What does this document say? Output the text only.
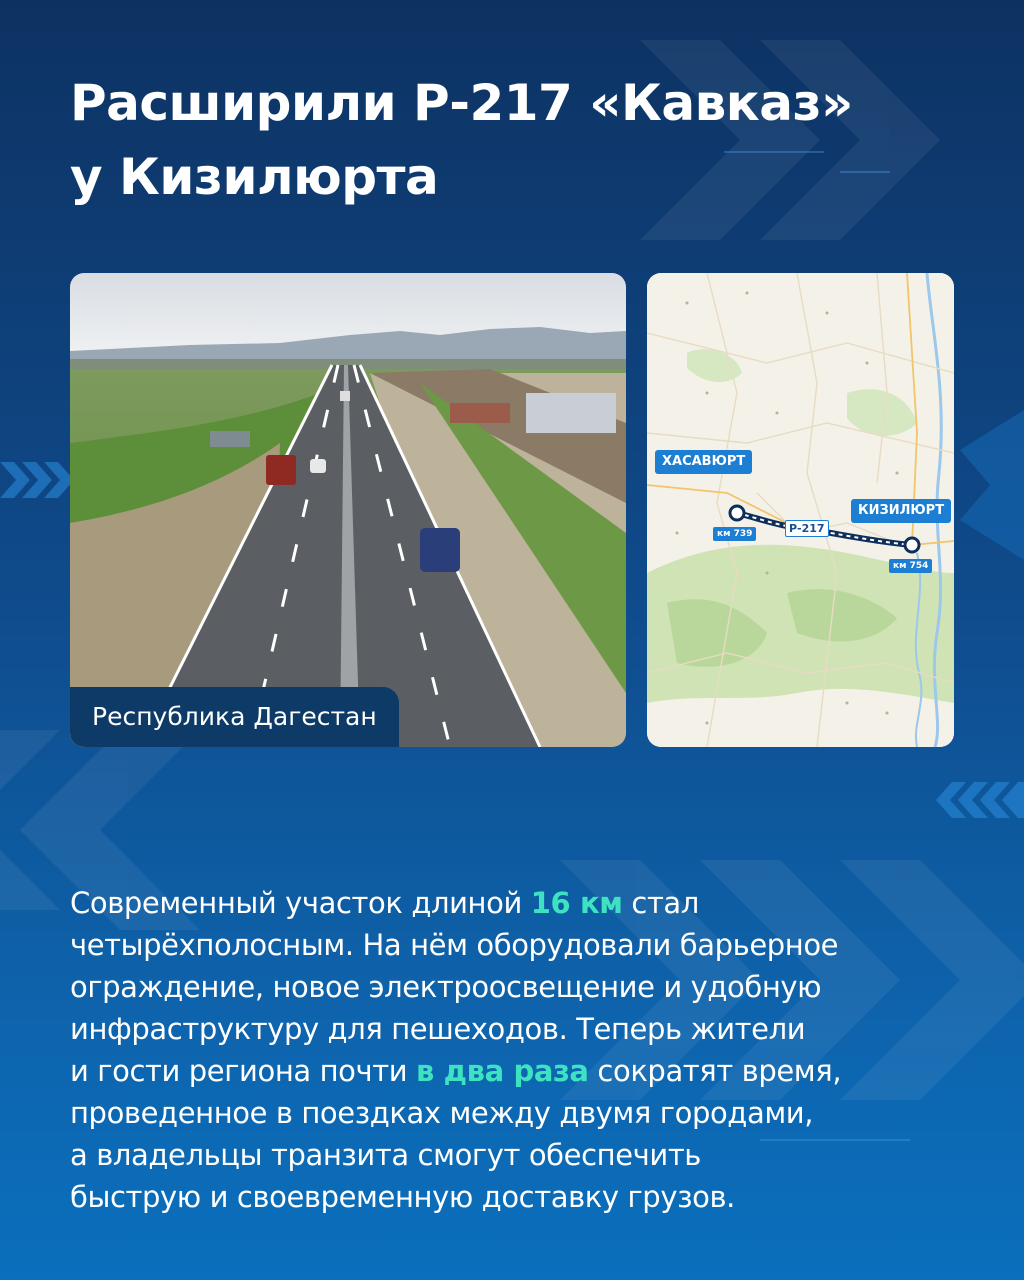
Расширили Р-217 «Кавказ»
у Кизилюрта
Республика Дагестан
ХАСАВЮРТ
КИЗИЛЮРТ
км 739
км 754
Р-217

Современный участок длиной 16 км стал
четырёхполосным. На нём оборудовали барьерное
ограждение, новое электроосвещение и удобную
инфраструктуру для пешеходов. Теперь жители
и гости региона почти в два раза сократят время,
проведенное в поездках между двумя городами,
а владельцы транзита смогут обеспечить
быструю и своевременную доставку грузов.
